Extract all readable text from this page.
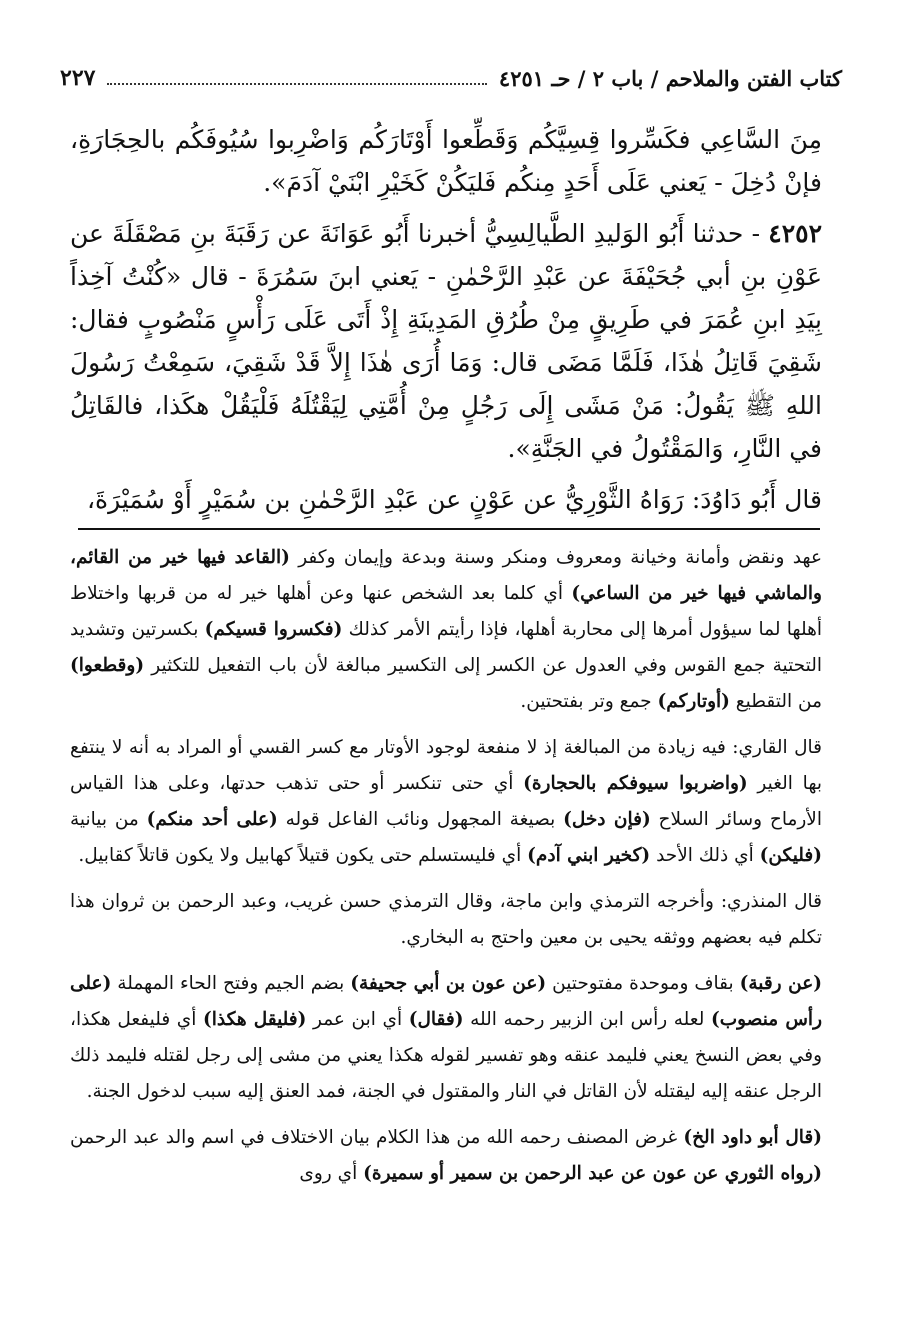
كتاب الفتن والملاحم / باب ٢ / حـ ٤٢٥١
٢٢٧

مِنَ السَّاعِي فكَسِّروا قِسِيَّكُم وَقَطِّعوا أَوْتَارَكُم وَاضْرِبوا سُيُوفَكُم بالحِجَارَةِ، فإنْ دُخِلَ - يَعني عَلَى أَحَدٍ مِنكُم فَليَكُنْ كَخَيْرِ ابْنَيْ آدَمَ».

٤٢٥٢ - حدثنا أَبُو الوَليدِ الطَّيالِسِيُّ أخبرنا أَبُو عَوَانَةَ عن رَقَبَةَ بنِ مَصْقَلَةَ عن عَوْنِ بنِ أبي جُحَيْفَةَ عن عَبْدِ الرَّحْمٰنِ - يَعني ابنَ سَمُرَةَ - قال «كُنْتُ آخِذاً بِيَدِ ابنِ عُمَرَ في طَرِيقٍ مِنْ طُرُقِ المَدِينَةِ إِذْ أَتَى عَلَى رَأْسٍ مَنْصُوبٍ فقال: شَقِيَ قَاتِلُ هٰذَا، فَلَمَّا مَضَى قال: وَمَا أُرَى هٰذَا إِلاَّ قَدْ شَقِيَ، سَمِعْتُ رَسُولَ اللهِ ﷺ يَقُولُ: مَنْ مَشَى إِلَى رَجُلٍ مِنْ أُمَّتِي لِيَقْتُلَهُ فَلْيَقُلْ هكَذا، فالقَاتِلُ في النَّارِ، وَالمَقْتُولُ في الجَنَّةِ».

قال أَبُو دَاوُدَ: رَوَاهُ الثَّوْرِيُّ عن عَوْنٍ عن عَبْدِ الرَّحْمٰنِ بن سُمَيْرٍ أَوْ سُمَيْرَةَ،

عهد ونقض وأمانة وخيانة ومعروف ومنكر وسنة وبدعة وإيمان وكفر (القاعد فيها خير من القائم، والماشي فيها خير من الساعي) أي كلما بعد الشخص عنها وعن أهلها خير له من قربها واختلاط أهلها لما سيؤول أمرها إلى محاربة أهلها، فإذا رأيتم الأمر كذلك (فكسروا قسيكم) بكسرتين وتشديد التحتية جمع القوس وفي العدول عن الكسر إلى التكسير مبالغة لأن باب التفعيل للتكثير (وقطعوا) من التقطيع (أوتاركم) جمع وتر بفتحتين.

قال القاري: فيه زيادة من المبالغة إذ لا منفعة لوجود الأوتار مع كسر القسي أو المراد به أنه لا ينتفع بها الغير (واضربوا سيوفكم بالحجارة) أي حتى تنكسر أو حتى تذهب حدتها، وعلى هذا القياس الأرماح وسائر السلاح (فإن دخل) بصيغة المجهول ونائب الفاعل قوله (على أحد منكم) من بيانية (فليكن) أي ذلك الأحد (كخير ابني آدم) أي فليستسلم حتى يكون قتيلاً كهابيل ولا يكون قاتلاً كقابيل.

قال المنذري: وأخرجه الترمذي وابن ماجة، وقال الترمذي حسن غريب، وعبد الرحمن بن ثروان هذا تكلم فيه بعضهم ووثقه يحيى بن معين واحتج به البخاري.

(عن رقبة) بقاف وموحدة مفتوحتين (عن عون بن أبي جحيفة) بضم الجيم وفتح الحاء المهملة (على رأس منصوب) لعله رأس ابن الزبير رحمه الله (فقال) أي ابن عمر (فليقل هكذا) أي فليفعل هكذا، وفي بعض النسخ يعني فليمد عنقه وهو تفسير لقوله هكذا يعني من مشى إلى رجل لقتله فليمد ذلك الرجل عنقه إليه ليقتله لأن القاتل في النار والمقتول في الجنة، فمد العنق إليه سبب لدخول الجنة.

(قال أبو داود الخ) غرض المصنف رحمه الله من هذا الكلام بيان الاختلاف في اسم والد عبد الرحمن (رواه الثوري عن عون عن عبد الرحمن بن سمير أو سميرة) أي روى
